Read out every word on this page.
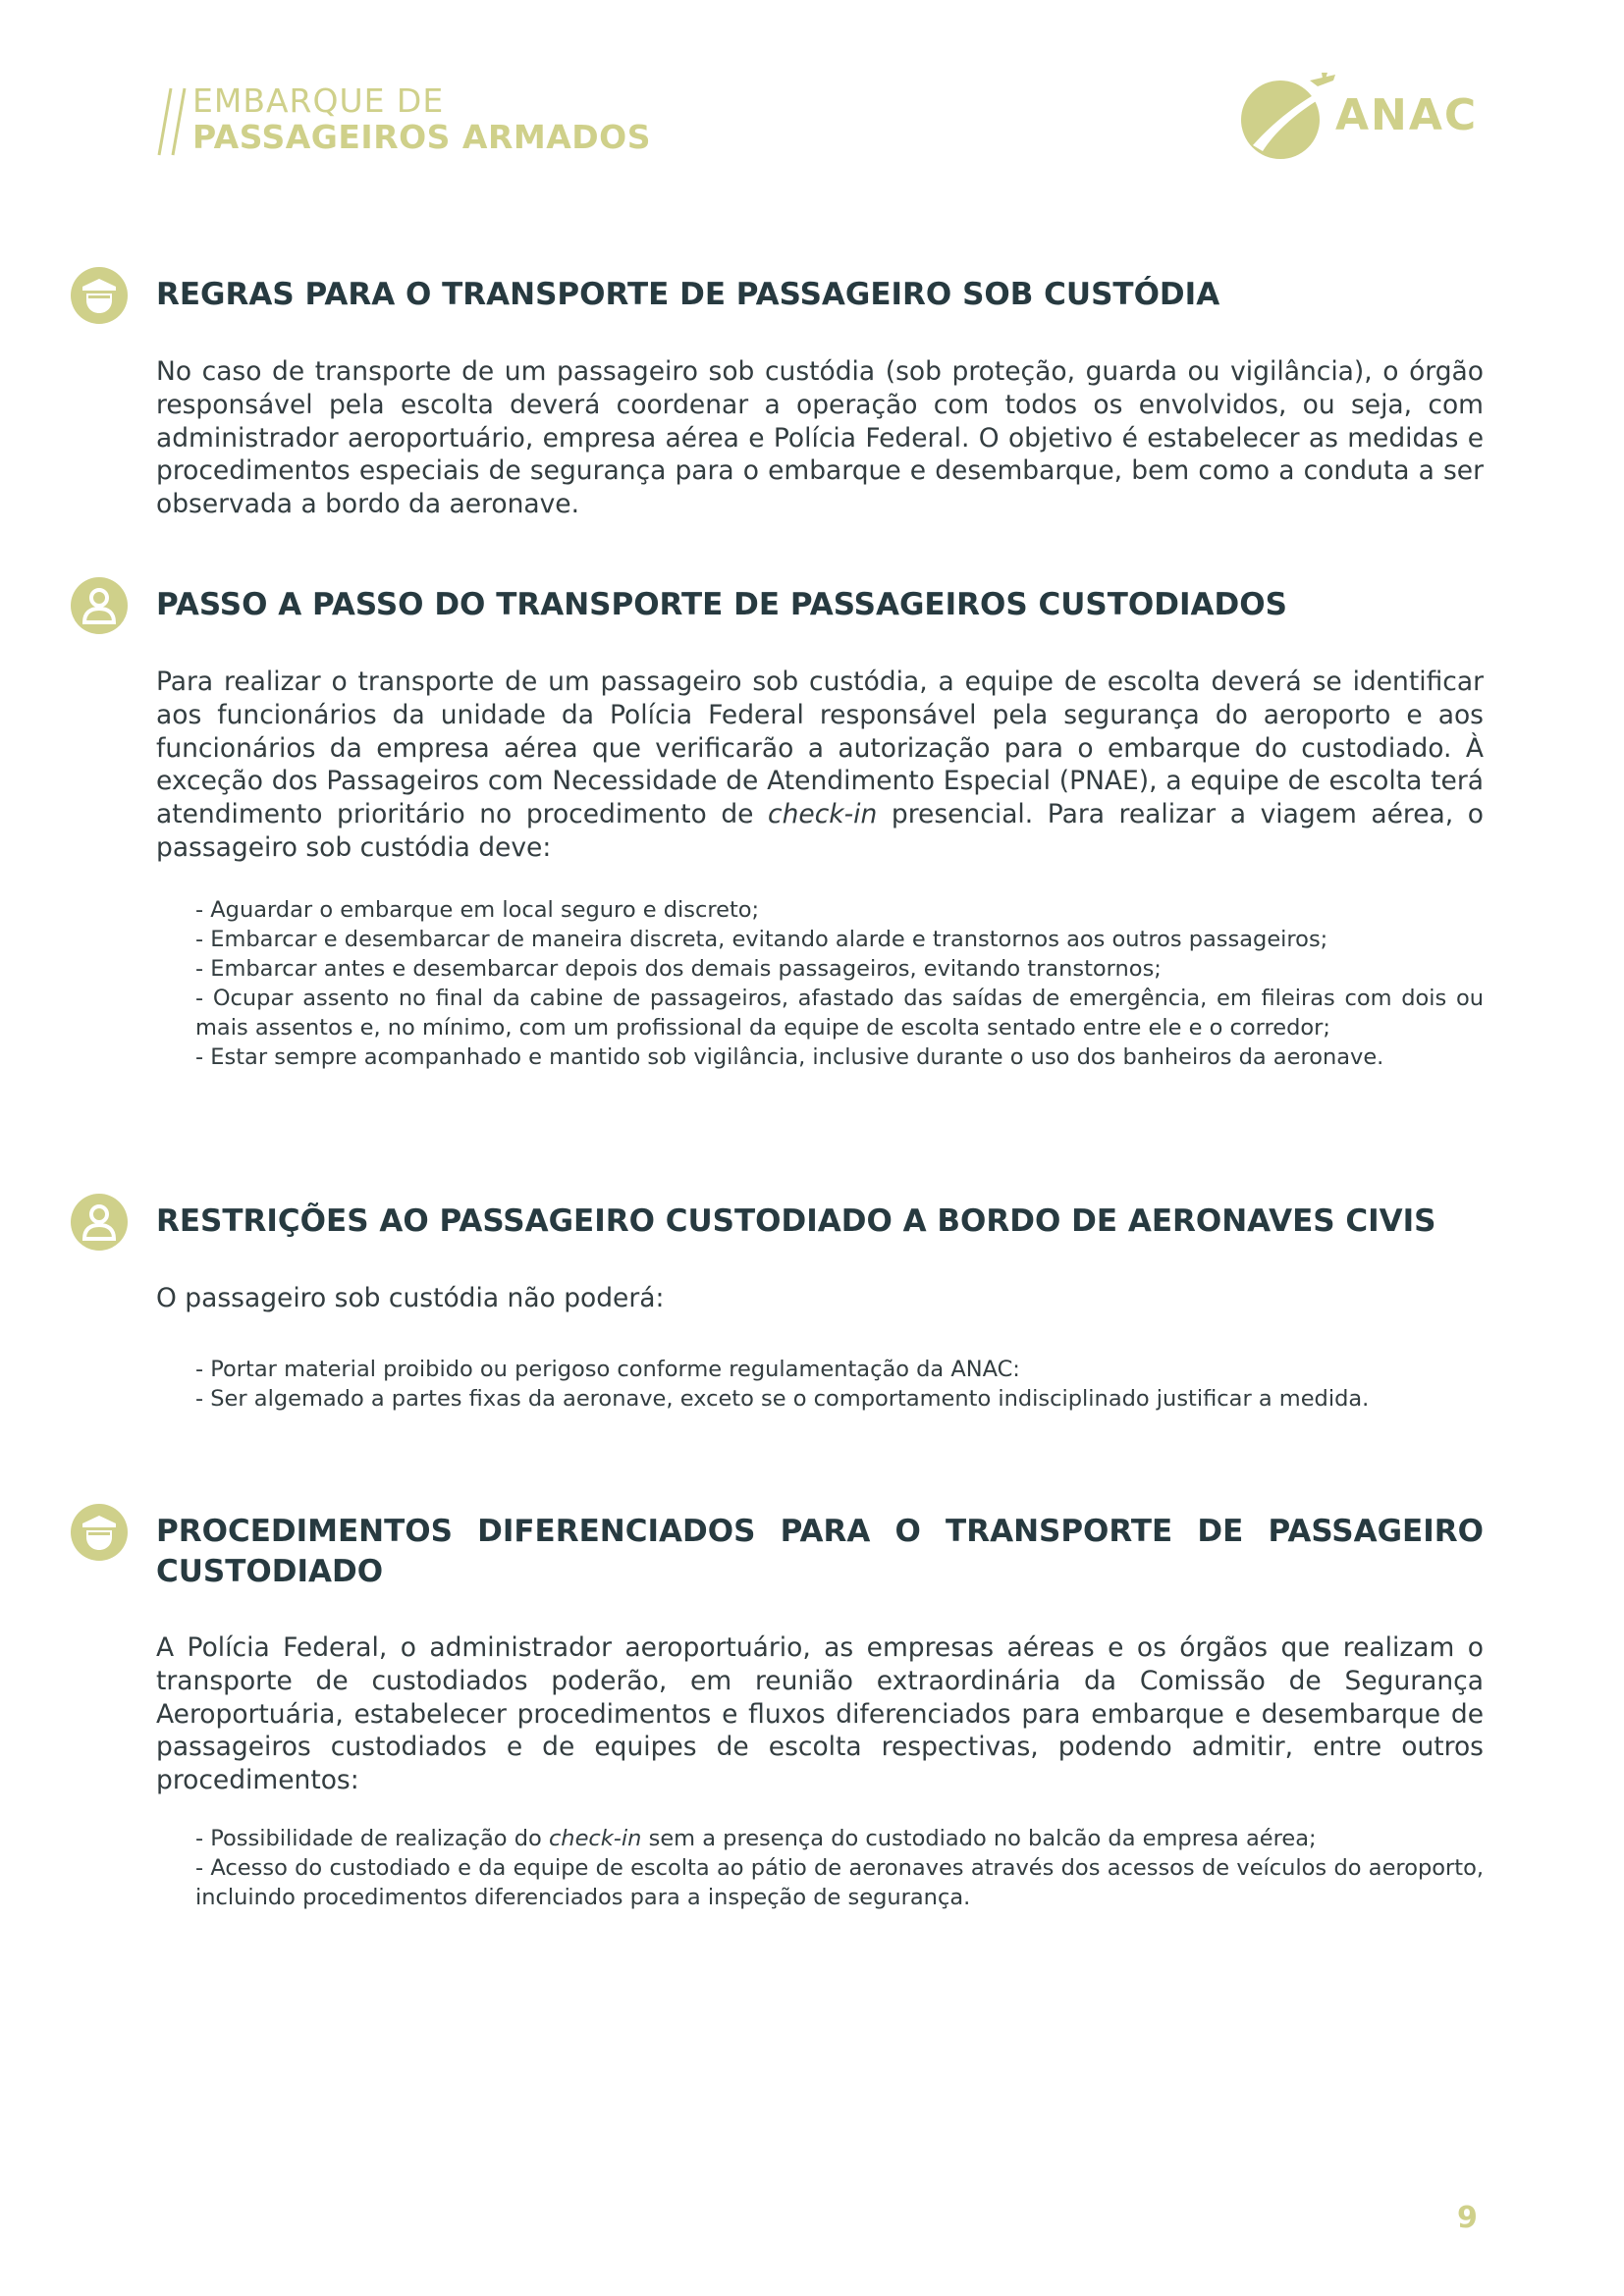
EMBARQUE DE
PASSAGEIROS ARMADOS	ANAC
REGRAS PARA O TRANSPORTE DE PASSAGEIRO SOB CUSTÓDIA

No caso de transporte de um passageiro sob custódia (sob proteção, guarda ou vigilância), o órgão responsável pela escolta deverá coordenar a operação com todos os envolvidos, ou seja, com administrador aeroportuário, empresa aérea e Polícia Federal. O objetivo é estabelecer as medidas e procedimentos especiais de segurança para o embarque e desembarque, bem como a conduta a ser observada a bordo da aeronave.

PASSO A PASSO DO TRANSPORTE DE PASSAGEIROS CUSTODIADOS

Para realizar o transporte de um passageiro sob custódia, a equipe de escolta deverá se identificar aos funcionários da unidade da Polícia Federal responsável pela segurança do aeroporto e aos funcionários da empresa aérea que verificarão a autorização para o embarque do custodiado. À exceção dos Passageiros com Necessidade de Atendimento Especial (PNAE), a equipe de escolta terá atendimento prioritário no procedimento de check-in presencial. Para realizar a viagem aérea, o passageiro sob custódia deve:

- Aguardar o embarque em local seguro e discreto;
- Embarcar e desembarcar de maneira discreta, evitando alarde e transtornos aos outros passageiros;
- Embarcar antes e desembarcar depois dos demais passageiros, evitando transtornos;
- Ocupar assento no final da cabine de passageiros, afastado das saídas de emergência, em fileiras com dois ou mais assentos e, no mínimo, com um profissional da equipe de escolta sentado entre ele e o corredor;
- Estar sempre acompanhado e mantido sob vigilância, inclusive durante o uso dos banheiros da aeronave.
RESTRIÇÕES AO PASSAGEIRO CUSTODIADO A BORDO DE AERONAVES CIVIS

O passageiro sob custódia não poderá:

- Portar material proibido ou perigoso conforme regulamentação da ANAC:
- Ser algemado a partes fixas da aeronave, exceto se o comportamento indisciplinado justificar a medida.
PROCEDIMENTOS DIFERENCIADOS PARA O TRANSPORTE DE PASSAGEIRO CUSTODIADO

A Polícia Federal, o administrador aeroportuário, as empresas aéreas e os órgãos que realizam o transporte de custodiados poderão, em reunião extraordinária da Comissão de Segurança Aeroportuária, estabelecer procedimentos e fluxos diferenciados para embarque e desembarque de passageiros custodiados e de equipes de escolta respectivas, podendo admitir, entre outros procedimentos:

- Possibilidade de realização do check-in sem a presença do custodiado no balcão da empresa aérea;
- Acesso do custodiado e da equipe de escolta ao pátio de aeronaves através dos acessos de veículos do aeroporto, incluindo procedimentos diferenciados para a inspeção de segurança.
9
